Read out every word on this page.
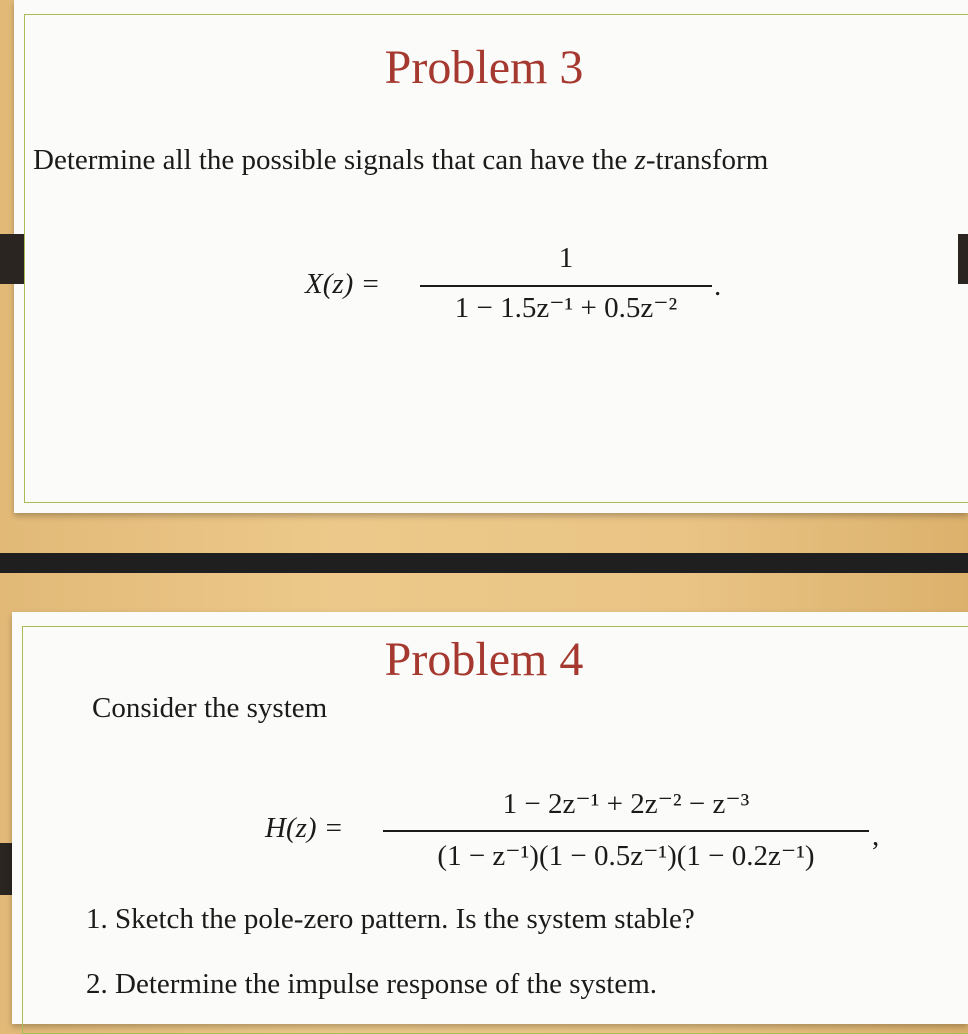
Problem 3
Determine all the possible signals that can have the z-transform
X(z) =
1
1 − 1.5z⁻¹ + 0.5z⁻²
.
Problem 4
Consider the system
H(z) =
1 − 2z⁻¹ + 2z⁻² − z⁻³
(1 − z⁻¹)(1 − 0.5z⁻¹)(1 − 0.2z⁻¹)
,
1. Sketch the pole-zero pattern. Is the system stable?
2. Determine the impulse response of the system.
